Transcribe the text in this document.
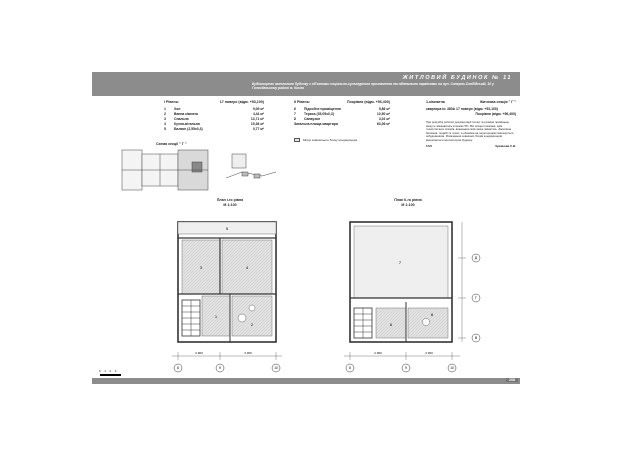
ЖИТЛОВИЙ БУДИНОК № 11
Будівництво житлового будинку з об'єктами соціально-культурного призначення та підземними паркінгами на вул. Саперно-Слобідській, 10 у Голосіївському районі м. Києва
I Рівень:	17 поверх (відм. +53,100)
1	Хол	9,09 м²
2	Ванна кімната	4,44 м²
3	Спальня	13,71 м²
4	Кухня-вітальня	15,36 м²
5	Балкон (2,55x0,3)	0,77 м²
II Рівень:	Покрівля (відм. +56,400)
6	Підсобне приміщення	5,86 м²
7	Тераса (35,05x0,3)	10,50 м²
8	Санвузол	3,02 м²
Загальна площа квартири	63,06 м²
Місце зовнішнього блоку кондиціонера
1-кімнатна	Житлова секція " Г "
квартира № 380А 17 поверх (відм. +53,100)
Покрівля (відм. +56,400)
При розробці робочої документації площі та розміри приміщень можуть змінюватись в межах 5%. Всі отвори показані, крім технологічних отворів, виконання яких може змінитись. Заскління балконів, лоджій та терас, а обшивка на перегородках виконується забудовником. Розміщення зовнішніх блоків кондиціонерів визначається архітектором будинку.
ГАП	Чумакова С.В.
Схема секції " Г "
План I-го рівня
М 1:100
План II-го рівня
М 1:100
3	4
1
2
5
2 900	3 300
8	9	10
7
6
8
2 900	3 300
8	9	10
Д
Г
В
0 1 2 3
208
